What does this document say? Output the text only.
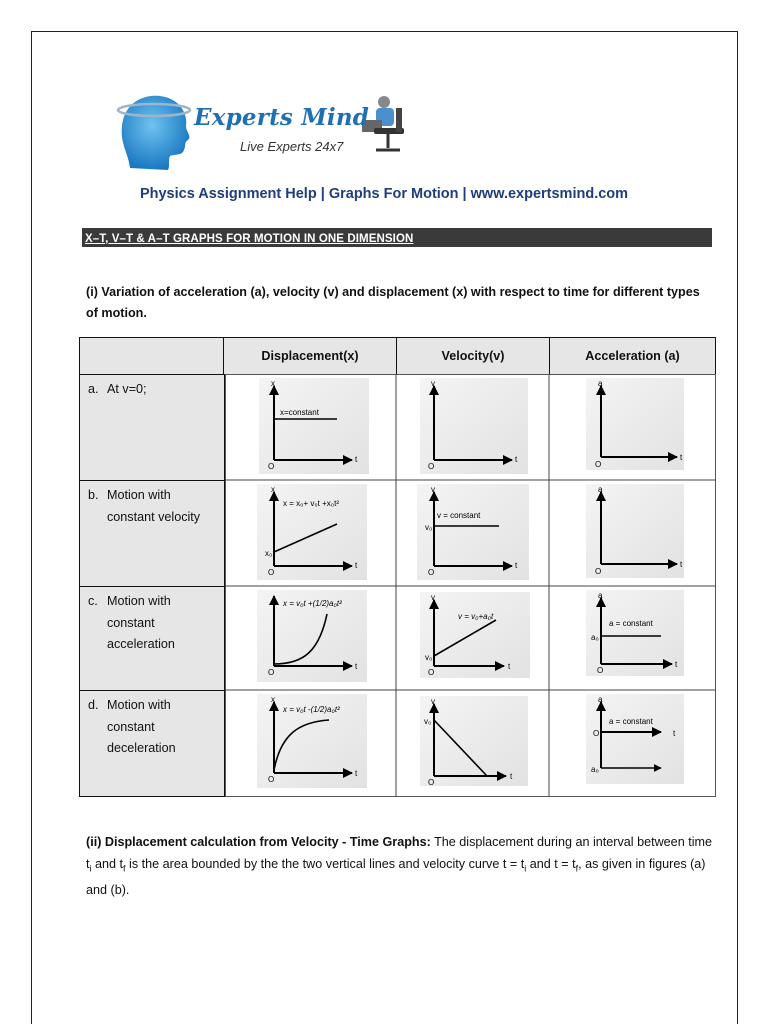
Experts Mind
Live Experts 24x7
Physics Assignment Help | Graphs For Motion | www.expertsmind.com
X–T, V–T & A–T GRAPHS FOR MOTION IN ONE DIMENSION
(i) Variation of acceleration (a), velocity (v) and displacement (x) with respect to time for different types of motion.
Displacement(x)	Velocity(v)	Acceleration (a)
a. At v=0;
b. Motion with constant velocity
c. Motion with constant acceleration
d. Motion with constant deceleration
x
t
O
x=constant
v
t
O
a
t
O
x
t
O
x₀
x = x₀+ v₀t +x₀t²
v
t
O
v₀
v = constant
a
t
O
O
t
x = v₀t +(1/2)a₀t²
v
t
O
v₀
v = v₀+a₀t
a
t
O
a₀
a = constant
x
t
O
x = v₀t -(1/2)a₀t²
v
t
O
v₀
a
t
O
a₀
a = constant
(ii) Displacement calculation from Velocity - Time Graphs: The displacement during an interval between time $t_i$ and $t_f$ is the area bounded by the the two vertical lines and velocity curve $t = t_i$ and $t = t_f$, as given in figures (a) and (b).
